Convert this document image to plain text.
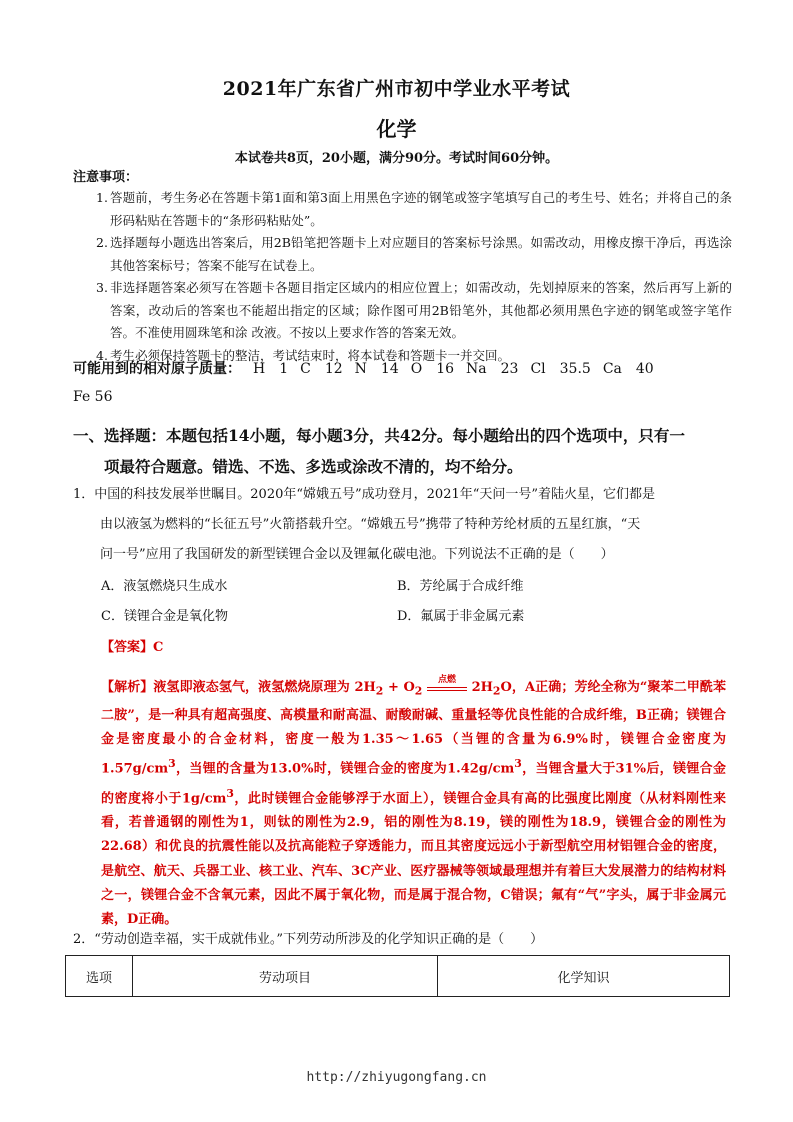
2021年广东省广州市初中学业水平考试
化学
本试卷共8页，20小题，满分90分。考试时间60分钟。
注意事项：
1. 答题前，考生务必在答题卡第1面和第3面上用黑色字迹的钢笔或签字笔填写自己的考生号、姓名；并将自己的条形码粘贴在答题卡的“条形码粘贴处”。
2. 选择题每小题选出答案后，用2B铅笔把答题卡上对应题目的答案标号涂黑。如需改动，用橡皮擦干净后，再选涂其他答案标号；答案不能写在试卷上。
3. 非选择题答案必须写在答题卡各题目指定区域内的相应位置上；如需改动，先划掉原来的答案，然后再写上新的答案，改动后的答案也不能超出指定的区域；除作图可用2B铅笔外，其他都必须用黑色字迹的钢笔或签字笔作答。不准使用圆珠笔和涂 改液。不按以上要求作答的答案无效。
4. 考生必须保持答题卡的整洁，考试结束时，将本试卷和答题卡一并交回。
可能用到的相对原子质量： H　1 C　12 N　14 O　16 Na　23 Cl　35.5 Ca　40
Fe 56
一、选择题：本题包括14小题，每小题3分，共42分。每小题给出的四个选项中，只有一
项最符合题意。错选、不选、多选或涂改不清的，均不给分。
1．中国的科技发展举世瞩目。2020年“嫦娥五号”成功登月，2021年“天问一号”着陆火星，它们都是
由以液氢为燃料的“长征五号”火箭搭载升空。“嫦娥五号”携带了特种芳纶材质的五星红旗，“天
问一号”应用了我国研发的新型镁锂合金以及锂氟化碳电池。下列说法不正确的是（　　）
A．液氢燃烧只生成水	B．芳纶属于合成纤维
C．镁锂合金是氧化物	D．氟属于非金属元素
【答案】C
【解析】液氢即液态氢气，液氢燃烧原理为 $2H_2 + O_2$
点燃	$2H_2O$，A正确；芳纶全称为“聚苯二甲酰苯二胺”，是一种具有超高强度、高模量和耐高温、耐酸耐碱、重量轻等优良性能的合成纤维，B正确；镁锂合金是密度最小的合金材料，密度一般为1.35～1.65（当锂的含量为6.9%时，镁锂合金密度为$1.57g/cm^3$，当锂的含量为13.0%时，镁锂合金的密度为$1.42g/cm^3$，当锂含量大于31%后，镁锂合金的密度将小于$1g/cm^3$，此时镁锂合金能够浮于水面上），镁锂合金具有高的比强度比刚度（从材料刚性来看，若普通钢的刚性为1，则钛的刚性为2.9，铝的刚性为8.19，镁的刚性为18.9，镁锂合金的刚性为22.68）和优良的抗震性能以及抗高能粒子穿透能力，而且其密度远远小于新型航空用材铝锂合金的密度，是航空、航天、兵器工业、核工业、汽车、3C产业、医疗器械等领域最理想并有着巨大发展潜力的结构材料之一，镁锂合金不含氧元素，因此不属于氧化物，而是属于混合物，C错误；氟有“气”字头，属于非金属元素，D正确。
2．“劳动创造幸福，实干成就伟业。”下列劳动所涉及的化学知识正确的是（　　）
选项	劳动项目	化学知识
http://zhiyugongfang.cn
